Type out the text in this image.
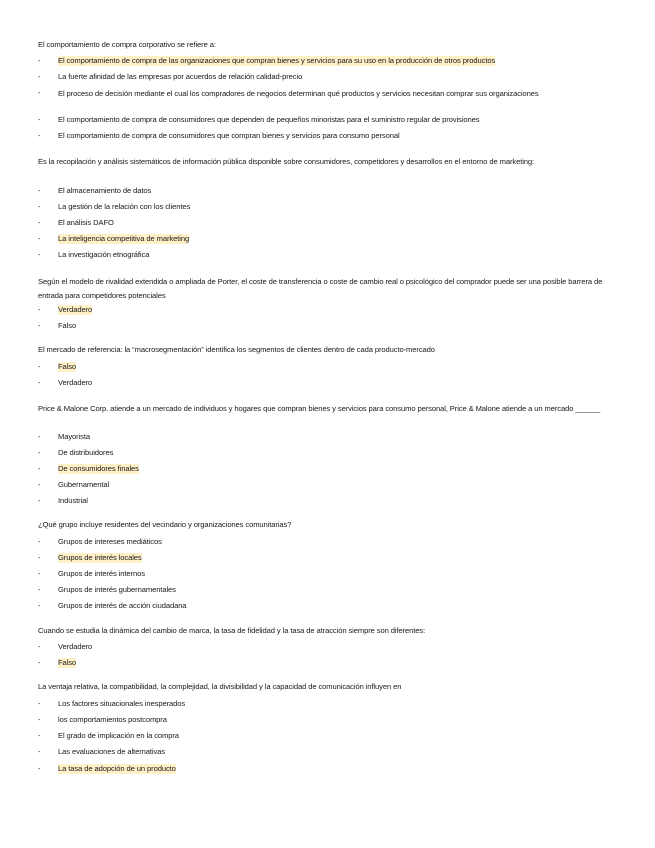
El comportamiento de compra corporativo se refiere a:
-	El comportamiento de compra de las organizaciones que compran bienes y servicios para su uso en la producción de otros productos
-	La fuerte afinidad de las empresas por acuerdos de relación calidad-precio
-	El proceso de decisión mediante el cual los compradores de negocios determinan qué productos y servicios necesitan comprar sus organizaciones
-	El comportamiento de compra de consumidores que dependen de pequeños minoristas para el suministro regular de provisiones
-	El comportamiento de compra de consumidores que compran bienes y servicios para consumo personal
Es la recopilación y análisis sistemáticos de información pública disponible sobre consumidores, competidores y desarrollos en el entorno de marketing:
-	El almacenamiento de datos
-	La gestión de la relación con los clientes
-	El análisis DAFO
-	La inteligencia competitiva de marketing
-	La investigación etnográfica
Según el modelo de rivalidad extendida o ampliada de Porter, el coste de transferencia o coste de cambio real o psicológico del comprador puede ser una posible barrera de entrada para competidores potenciales
-	Verdadero
-	Falso
El mercado de referencia: la “macrosegmentación” identifica los segmentos de clientes dentro de cada producto-mercado
-	Falso
-	Verdadero
Price & Malone Corp. atiende a un mercado de individuos y hogares que compran bienes y servicios para consumo personal, Price & Malone atiende a un mercado ______
-	Mayorista
-	De distribuidores
-	De consumidores finales
-	Gubernamental
-	Industrial
¿Qué grupo incluye residentes del vecindario y organizaciones comunitarias?
-	Grupos de intereses mediáticos
-	Grupos de interés locales
-	Grupos de interés internos
-	Grupos de interés gubernamentales
-	Grupos de interés de acción ciudadana
Cuando se estudia la dinámica del cambio de marca, la tasa de fidelidad y la tasa de atracción siempre son diferentes:
-	Verdadero
-	Falso
La ventaja relativa, la compatibilidad, la complejidad, la divisibilidad y la capacidad de comunicación influyen en
-	Los factores situacionales inesperados
-	los comportamientos postcompra
-	El grado de implicación en la compra
-	Las evaluaciones de alternativas
-	La tasa de adopción de un producto
